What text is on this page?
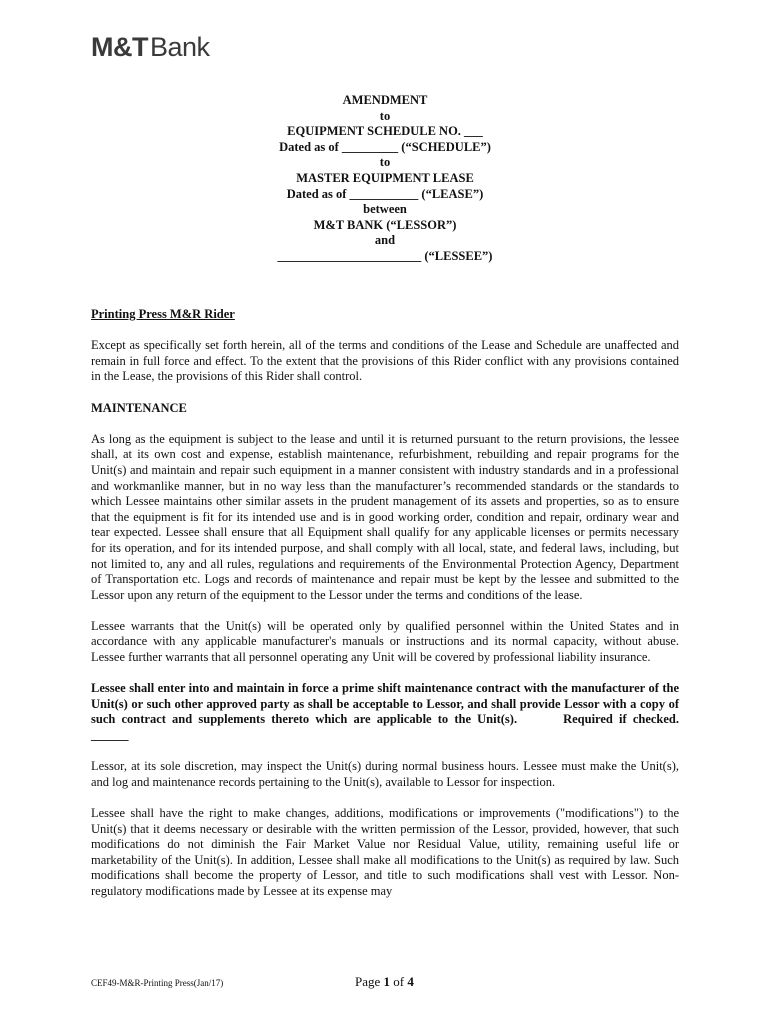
M&TBank
AMENDMENT
to
EQUIPMENT SCHEDULE NO. ___
Dated as of _________ (“SCHEDULE”)
to
MASTER EQUIPMENT LEASE
Dated as of ___________ (“LEASE”)
between
M&T BANK (“LESSOR”)
and
_______________________ (“LESSEE”)

Printing Press M&R Rider

Except as specifically set forth herein, all of the terms and conditions of the Lease and Schedule are unaffected and remain in full force and effect. To the extent that the provisions of this Rider conflict with any provisions contained in the Lease, the provisions of this Rider shall control.

MAINTENANCE

As long as the equipment is subject to the lease and until it is returned pursuant to the return provisions, the lessee shall, at its own cost and expense, establish maintenance, refurbishment, rebuilding and repair programs for the Unit(s) and maintain and repair such equipment in a manner consistent with industry standards and in a professional and workmanlike manner, but in no way less than the manufacturer’s recommended standards or the standards to which Lessee maintains other similar assets in the prudent management of its assets and properties, so as to ensure that the equipment is fit for its intended use and is in good working order, condition and repair, ordinary wear and tear expected. Lessee shall ensure that all Equipment shall qualify for any applicable licenses or permits necessary for its operation, and for its intended purpose, and shall comply with all local, state, and federal laws, including, but not limited to, any and all rules, regulations and requirements of the Environmental Protection Agency, Department of Transportation etc. Logs and records of maintenance and repair must be kept by the lessee and submitted to the Lessor upon any return of the equipment to the Lessor under the terms and conditions of the lease.

Lessee warrants that the Unit(s) will be operated only by qualified personnel within the United States and in accordance with any applicable manufacturer's manuals or instructions and its normal capacity, without abuse. Lessee further warrants that all personnel operating any Unit will be covered by professional liability insurance.

Lessee shall enter into and maintain in force a prime shift maintenance contract with the manufacturer of the Unit(s) or such other approved party as shall be acceptable to Lessor, and shall provide Lessor with a copy of such contract and supplements thereto which are applicable to the Unit(s).	Required if checked. ______

Lessor, at its sole discretion, may inspect the Unit(s) during normal business hours. Lessee must make the Unit(s), and log and maintenance records pertaining to the Unit(s), available to Lessor for inspection.

Lessee shall have the right to make changes, additions, modifications or improvements ("modifications") to the Unit(s) that it deems necessary or desirable with the written permission of the Lessor, provided, however, that such modifications do not diminish the Fair Market Value nor Residual Value, utility, remaining useful life or marketability of the Unit(s). In addition, Lessee shall make all modifications to the Unit(s) as required by law. Such modifications shall become the property of Lessor, and title to such modifications shall vest with Lessor. Non-regulatory modifications made by Lessee at its expense may

CEF49-M&R-Printing Press(Jan/17)	Page 1 of 4
